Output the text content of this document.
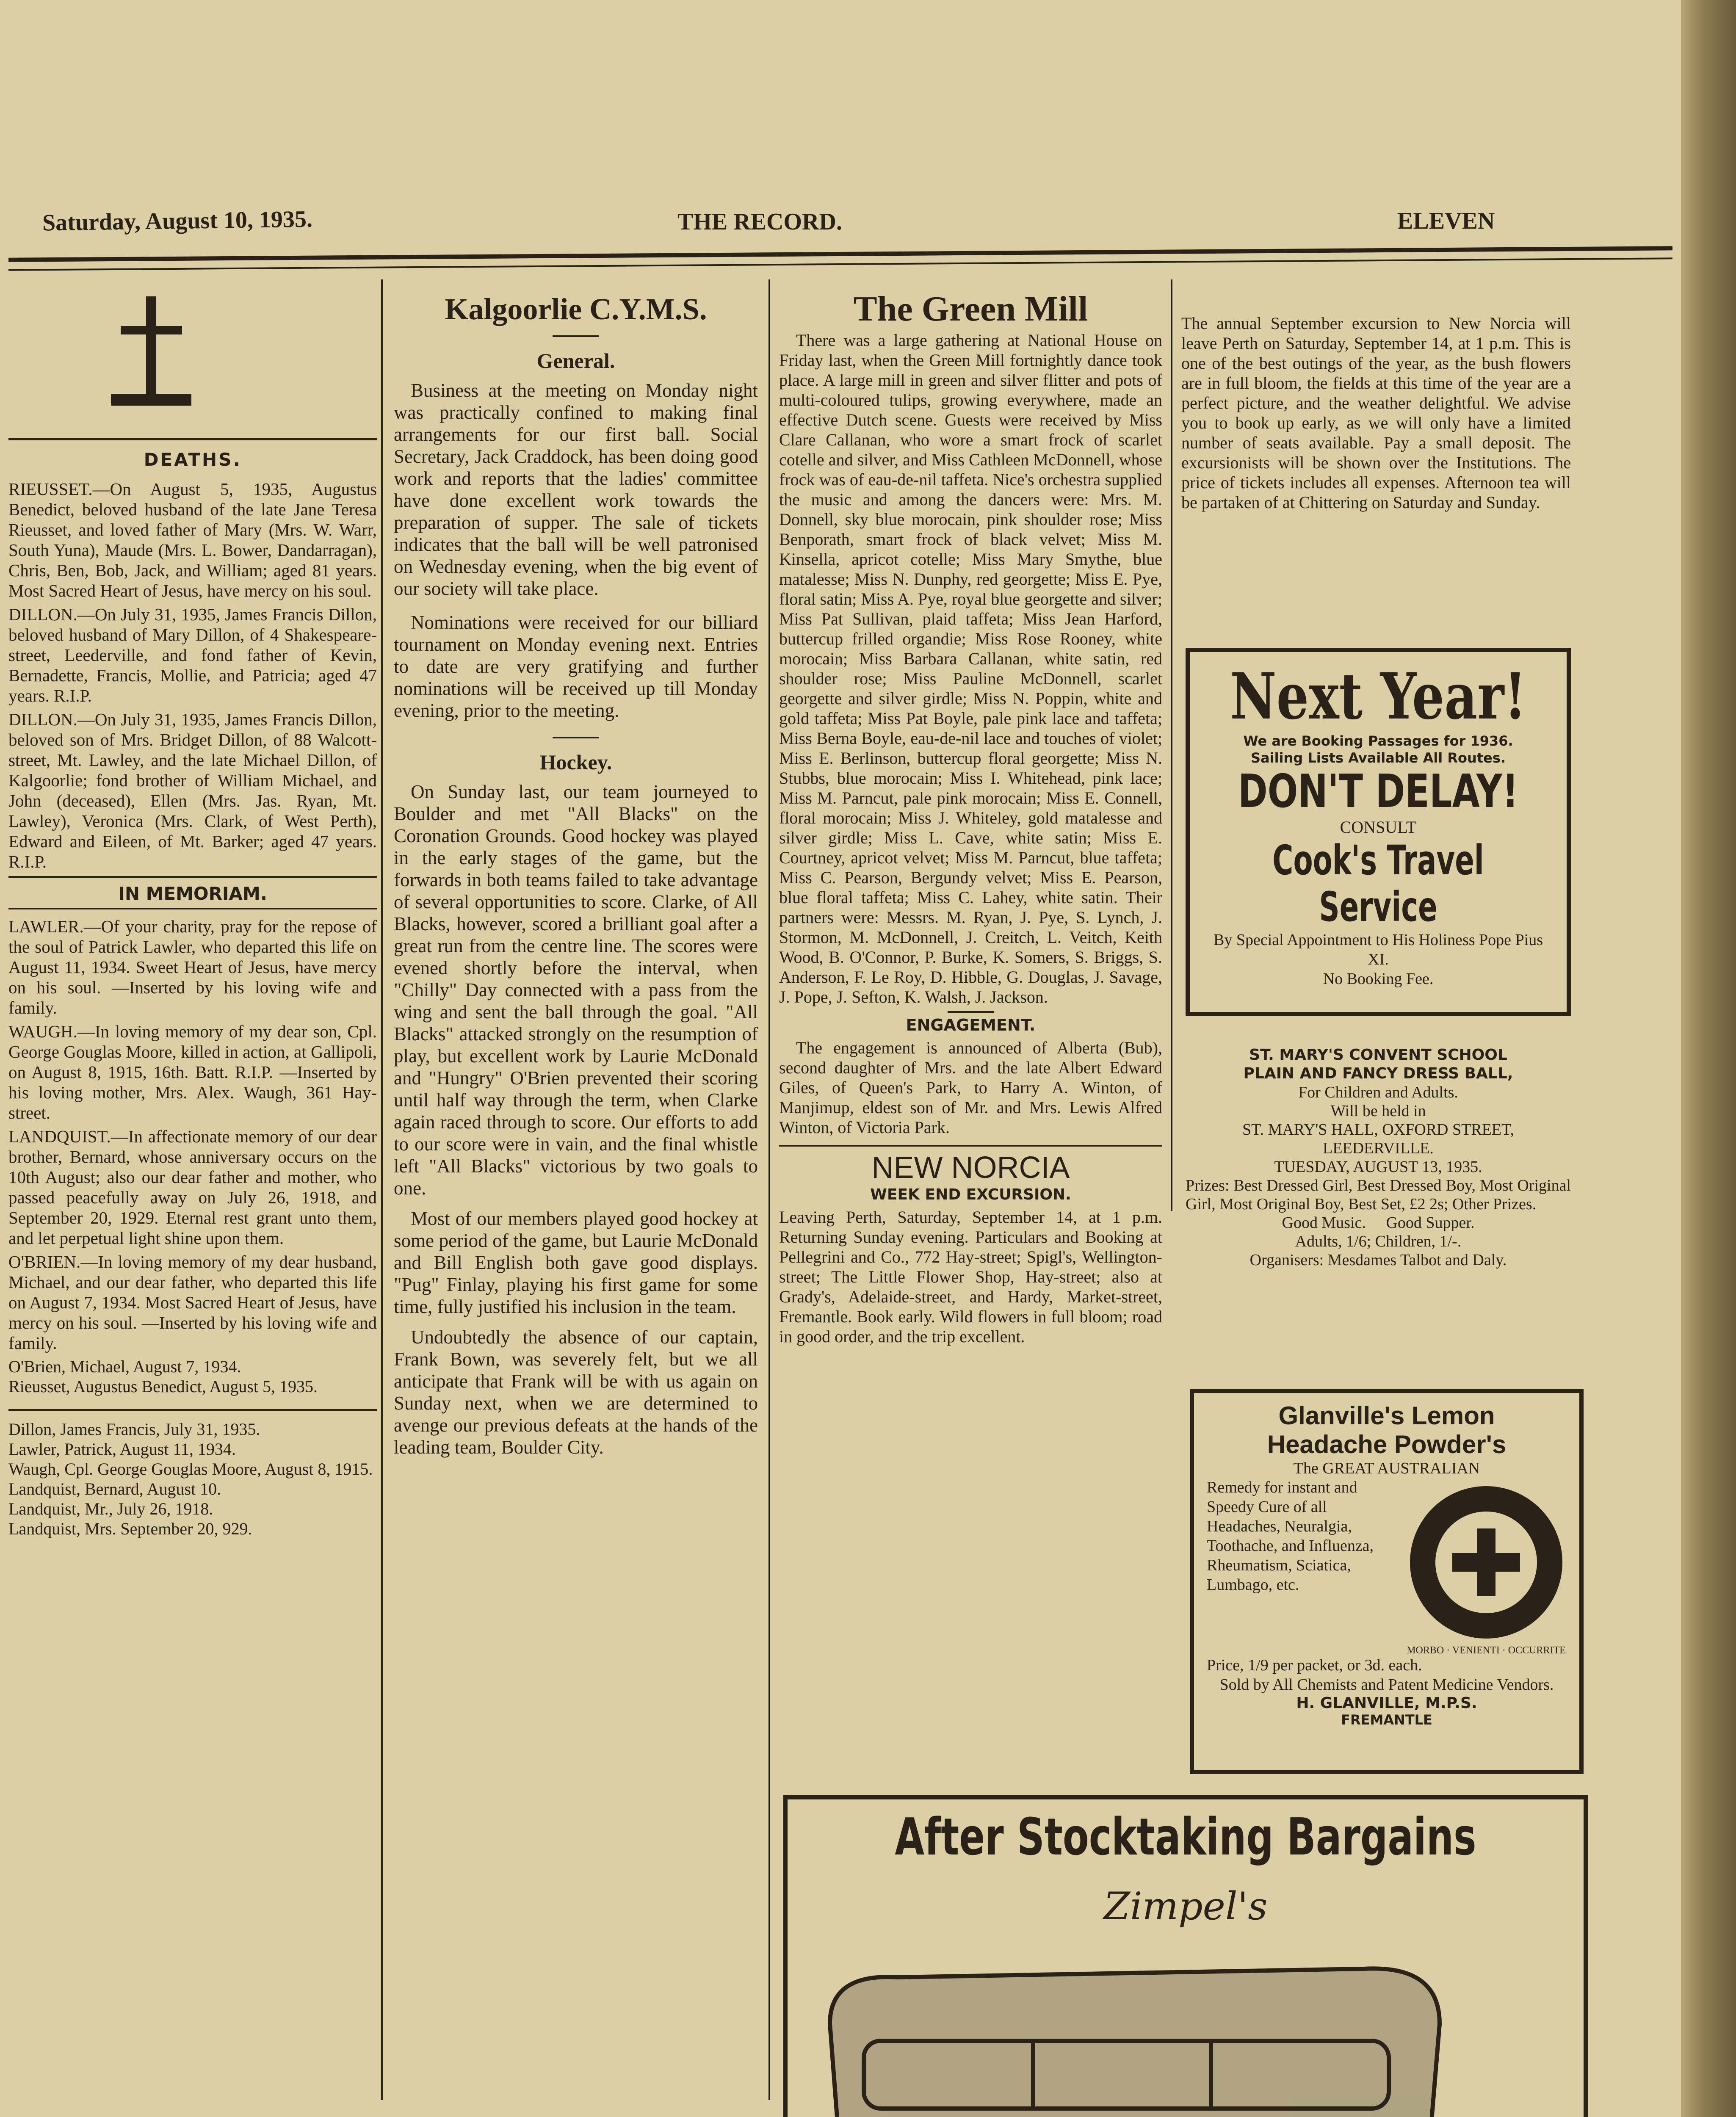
Saturday, August 10, 1935.	THE RECORD.	ELEVEN
DEATHS.

RIEUSSET.—On August 5, 1935, Augustus Benedict, beloved husband of the late Jane Teresa Rieusset, and loved father of Mary (Mrs. W. Warr, South Yuna), Maude (Mrs. L. Bower, Dandarragan), Chris, Ben, Bob, Jack, and William; aged 81 years. Most Sacred Heart of Jesus, have mercy on his soul.

DILLON.—On July 31, 1935, James Francis Dillon, beloved husband of Mary Dillon, of 4 Shakespeare-street, Leederville, and fond father of Kevin, Bernadette, Francis, Mollie, and Patricia; aged 47 years. R.I.P.

DILLON.—On July 31, 1935, James Francis Dillon, beloved son of Mrs. Bridget Dillon, of 88 Walcott-street, Mt. Lawley, and the late Michael Dillon, of Kalgoorlie; fond brother of William Michael, and John (deceased), Ellen (Mrs. Jas. Ryan, Mt. Lawley), Veronica (Mrs. Clark, of West Perth), Edward and Eileen, of Mt. Barker; aged 47 years. R.I.P.

IN MEMORIAM.

LAWLER.—Of your charity, pray for the repose of the soul of Patrick Lawler, who departed this life on August 11, 1934. Sweet Heart of Jesus, have mercy on his soul. —Inserted by his loving wife and family.

WAUGH.—In loving memory of my dear son, Cpl. George Gouglas Moore, killed in action, at Gallipoli, on August 8, 1915, 16th. Batt. R.I.P. —Inserted by his loving mother, Mrs. Alex. Waugh, 361 Hay-street.

LANDQUIST.—In affectionate memory of our dear brother, Bernard, whose anniversary occurs on the 10th August; also our dear father and mother, who passed peacefully away on July 26, 1918, and September 20, 1929. Eternal rest grant unto them, and let perpetual light shine upon them.

O'BRIEN.—In loving memory of my dear husband, Michael, and our dear father, who departed this life on August 7, 1934. Most Sacred Heart of Jesus, have mercy on his soul. —Inserted by his loving wife and family.

O'Brien, Michael, August 7, 1934.
Rieusset, Augustus Benedict, August 5, 1935.
Dillon, James Francis, July 31, 1935.
Lawler, Patrick, August 11, 1934.
Waugh, Cpl. George Gouglas Moore, August 8, 1915.
Landquist, Bernard, August 10.
Landquist, Mr., July 26, 1918.
Landquist, Mrs. September 20, 929.
Kalgoorlie C.Y.M.S.
General.

Business at the meeting on Monday night was practically confined to making final arrangements for our first ball. Social Secretary, Jack Craddock, has been doing good work and reports that the ladies' committee have done excellent work towards the preparation of supper. The sale of tickets indicates that the ball will be well patronised on Wednesday evening, when the big event of our society will take place.

Nominations were received for our billiard tournament on Monday evening next. Entries to date are very gratifying and further nominations will be received up till Monday evening, prior to the meeting.

Hockey.

On Sunday last, our team journeyed to Boulder and met "All Blacks" on the Coronation Grounds. Good hockey was played in the early stages of the game, but the forwards in both teams failed to take advantage of several opportunities to score. Clarke, of All Blacks, however, scored a brilliant goal after a great run from the centre line. The scores were evened shortly before the interval, when "Chilly" Day connected with a pass from the wing and sent the ball through the goal. "All Blacks" attacked strongly on the resumption of play, but excellent work by Laurie McDonald and "Hungry" O'Brien prevented their scoring until half way through the term, when Clarke again raced through to score. Our efforts to add to our score were in vain, and the final whistle left "All Blacks" victorious by two goals to one.

Most of our members played good hockey at some period of the game, but Laurie McDonald and Bill English both gave good displays. "Pug" Finlay, playing his first game for some time, fully justified his inclusion in the team.

Undoubtedly the absence of our captain, Frank Bown, was severely felt, but we all anticipate that Frank will be with us again on Sunday next, when we are determined to avenge our previous defeats at the hands of the leading team, Boulder City.

The Green Mill

There was a large gathering at National House on Friday last, when the Green Mill fortnightly dance took place. A large mill in green and silver flitter and pots of multi-coloured tulips, growing everywhere, made an effective Dutch scene. Guests were received by Miss Clare Callanan, who wore a smart frock of scarlet cotelle and silver, and Miss Cathleen McDonnell, whose frock was of eau-de-nil taffeta. Nice's orchestra supplied the music and among the dancers were: Mrs. M. Donnell, sky blue morocain, pink shoulder rose; Miss Benporath, smart frock of black velvet; Miss M. Kinsella, apricot cotelle; Miss Mary Smythe, blue matalesse; Miss N. Dunphy, red georgette; Miss E. Pye, floral satin; Miss A. Pye, royal blue georgette and silver; Miss Pat Sullivan, plaid taffeta; Miss Jean Harford, buttercup frilled organdie; Miss Rose Rooney, white morocain; Miss Barbara Callanan, white satin, red shoulder rose; Miss Pauline McDonnell, scarlet georgette and silver girdle; Miss N. Poppin, white and gold taffeta; Miss Pat Boyle, pale pink lace and taffeta; Miss Berna Boyle, eau-de-nil lace and touches of violet; Miss E. Berlinson, buttercup floral georgette; Miss N. Stubbs, blue morocain; Miss I. Whitehead, pink lace; Miss M. Parncut, pale pink morocain; Miss E. Connell, floral morocain; Miss J. Whiteley, gold matalesse and silver girdle; Miss L. Cave, white satin; Miss E. Courtney, apricot velvet; Miss M. Parncut, blue taffeta; Miss C. Pearson, Bergundy velvet; Miss E. Pearson, blue floral taffeta; Miss C. Lahey, white satin. Their partners were: Messrs. M. Ryan, J. Pye, S. Lynch, J. Stormon, M. McDonnell, J. Creitch, L. Veitch, Keith Wood, B. O'Connor, P. Burke, K. Somers, S. Briggs, S. Anderson, F. Le Roy, D. Hibble, G. Douglas, J. Savage, J. Pope, J. Sefton, K. Walsh, J. Jackson.

ENGAGEMENT.

The engagement is announced of Alberta (Bub), second daughter of Mrs. and the late Albert Edward Giles, of Queen's Park, to Harry A. Winton, of Manjimup, eldest son of Mr. and Mrs. Lewis Alfred Winton, of Victoria Park.

NEW NORCIA
WEEK END EXCURSION.

Leaving Perth, Saturday, September 14, at 1 p.m. Returning Sunday evening. Particulars and Booking at Pellegrini and Co., 772 Hay-street; Spigl's, Wellington-street; The Little Flower Shop, Hay-street; also at Grady's, Adelaide-street, and Hardy, Market-street, Fremantle. Book early. Wild flowers in full bloom; road in good order, and the trip excellent.

The annual September excursion to New Norcia will leave Perth on Saturday, September 14, at 1 p.m. This is one of the best outings of the year, as the bush flowers are in full bloom, the fields at this time of the year are a perfect picture, and the weather delightful. We advise you to book up early, as we will only have a limited number of seats available. Pay a small deposit. The excursionists will be shown over the Institutions. The price of tickets includes all expenses. Afternoon tea will be partaken of at Chittering on Saturday and Sunday.
Next Year!
We are Booking Passages for 1936.
Sailing Lists Available All Routes.
DON'T DELAY!
CONSULT
Cook's Travel Service
By Special Appointment to His Holiness Pope Pius XI.
No Booking Fee.
ST. MARY'S CONVENT SCHOOL
PLAIN AND FANCY DRESS BALL,
For Children and Adults.
Will be held in
ST. MARY'S HALL, OXFORD STREET, LEEDERVILLE.
TUESDAY, AUGUST 13, 1935.
Prizes: Best Dressed Girl, Best Dressed Boy, Most Original Girl, Most Original Boy, Best Set, £2 2s; Other Prizes.
Good Music.     Good Supper.
Adults, 1/6; Children, 1/-.
Organisers: Mesdames Talbot and Daly.
Glanville's Lemon
Headache Powder's
The GREAT AUSTRALIAN
Remedy for instant and Speedy Cure of all Headaches, Neuralgia, Toothache, and Influenza, Rheumatism, Sciatica, Lumbago, etc.
MORBO · VENIENTI · OCCURRITE
Price, 1/9 per packet, or 3d. each.
Sold by All Chemists and Patent Medicine Vendors.
H. GLANVILLE, M.P.S.
FREMANTLE
After Stocktaking Bargains
Zimpel's
